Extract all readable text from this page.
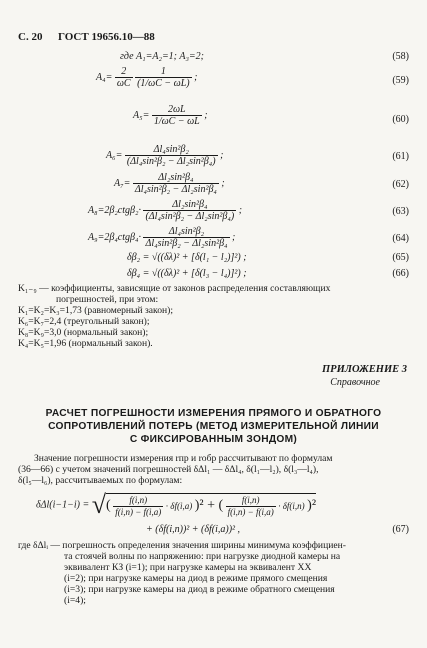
С. 20 ГОСТ 19656.10—88
где A₁=A₂=1; A₃=2;	(58)
$A_4= \frac{2}{\omega C}$
$\frac{1}{(1/\omega C - \omega L)}$ ;	(59)
$A_5= \frac{2\omega L}{1/\omega C - \omega L}$ ;	(60)
$A_6= \frac{\text{Δl₄sin²β₂}}{\text{(Δl₄sin²β₂ − Δl₂sin²β₄)}}$ ;	(61)
$A_7= \frac{\text{Δl₂sin²β₄}}{\text{Δl₄sin²β₂ − Δl₂sin²β₄}}$ ;	(62)
$A_8=2\beta_2ctg\beta_2\cdot \frac{\text{Δl₂sin²β₄}}{\text{(Δl₄sin²β₂ − Δl₂sin²β₄)}}$ ;	(63)
$A_9=2\beta_4ctg\beta_4\cdot \frac{\text{Δl₄sin²β₂}}{\text{Δl₄sin²β₂ − Δl₂sin²β₄}}$ ;	(64)
δβ₂ = √((δλ)² + [δ(l₁ − l₂)]²) ;	(65)
δβ₄ = √((δλ)² + [δ(l₃ − l₄)]²) ;	(66)
K₁₋₉ — коэффициенты, зависящие от законов распределения составляющих
погрешностей, при этом:
K₁=K₂=K₃=1,73 (равномерный закон);
K₆=K₇=2,4 (треугольный закон);
K₈=K₉=3,0 (нормальный закон);
K₄=K₅=1,96 (нормальный закон).
ПРИЛОЖЕНИЕ 3
Справочное
РАСЧЕТ ПОГРЕШНОСТИ ИЗМЕРЕНИЯ ПРЯМОГО И ОБРАТНОГО
СОПРОТИВЛЕНИЙ ПОТЕРЬ (МЕТОД ИЗМЕРИТЕЛЬНОЙ ЛИНИИ
С ФИКСИРОВАННЫМ ЗОНДОМ)
Значение погрешности измерения rпр и rобр рассчитывают по формулам
(36—66) с учетом значений погрешностей δΔl₁ — δΔl₄, δ(l₁—l₂), δ(l₃—l₄),
δ(l₅—l₆), рассчитываемых по формулам:
δΔl(i−1−i) = √( $\frac{f(i,n)}{f(i,n) - f(i,a)} \cdot \delta f(i,a) )^2$ + ( $\frac{f(i,n)}{f(i,n) - f(i,a)} \cdot \delta f(i,n)$ )²
+ (δf(i,n))² + (δf(i,a))² ,	(67)
где δΔlᵢ — погрешность определения значения ширины минимума коэффициен-
та стоячей волны по напряжению: при нагрузке диодной камеры на
эквивалент КЗ (i=1); при нагрузке камеры на эквивалент ХХ
(i=2); при нагрузке камеры на диод в режиме прямого смещения
(i=3); при нагрузке камеры на диод в режиме обратного смещения
(i=4);
